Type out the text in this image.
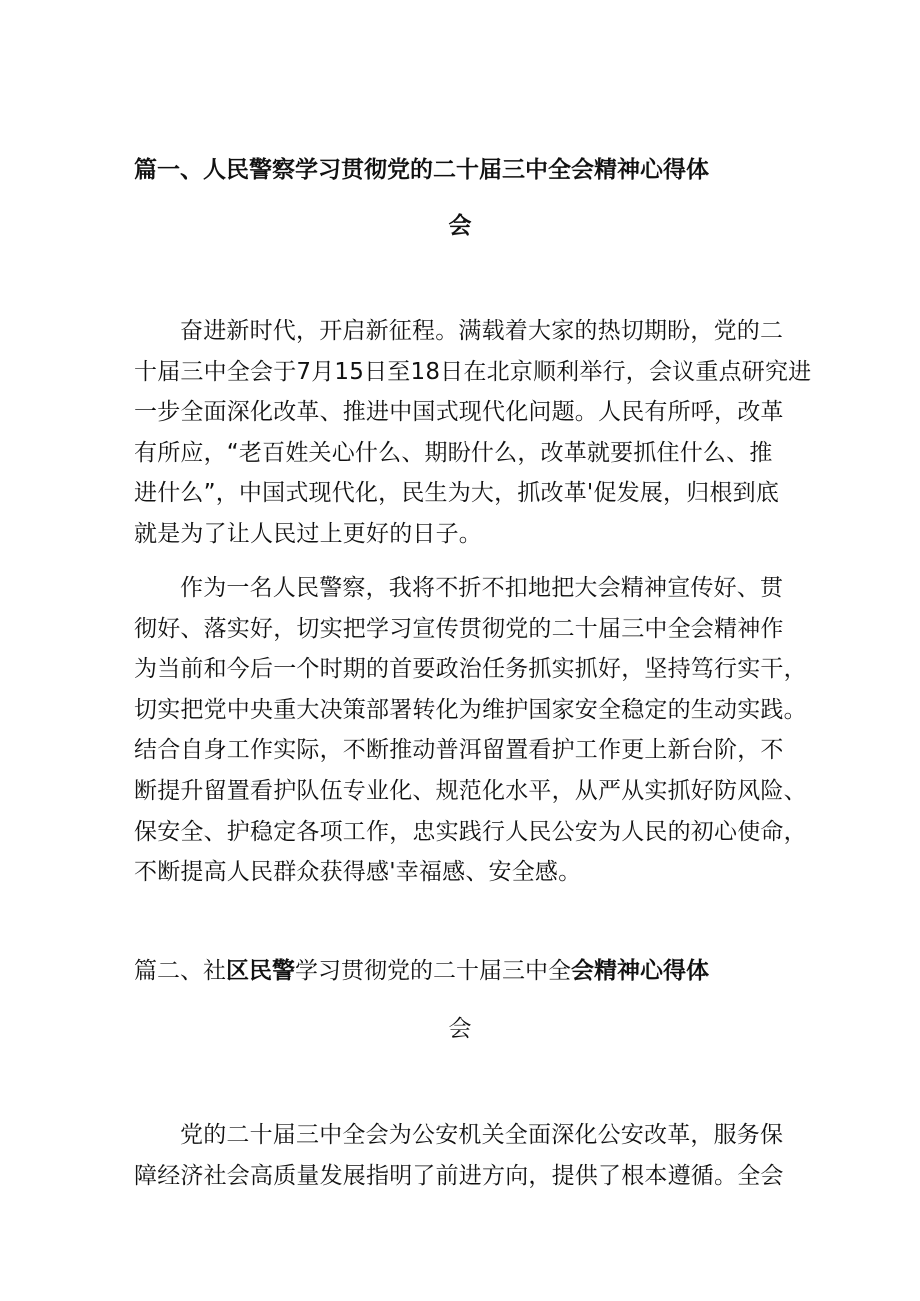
篇一、人民警察学习贯彻党的二十届三中全会精神心得体
会
奋进新时代，开启新征程。满载着大家的热切期盼，党的二
十届三中全会于7月15日至18日在北京顺利举行，会议重点研究进
一步全面深化改革、推进中国式现代化问题。人民有所呼，改革
有所应，“老百姓关心什么、期盼什么，改革就要抓住什么、推
进什么”，中国式现代化，民生为大，抓改革'促发展，归根到底
就是为了让人民过上更好的日子。
作为一名人民警察，我将不折不扣地把大会精神宣传好、贯
彻好、落实好，切实把学习宣传贯彻党的二十届三中全会精神作
为当前和今后一个时期的首要政治任务抓实抓好，坚持笃行实干，
切实把党中央重大决策部署转化为维护国家安全稳定的生动实践。
结合自身工作实际，不断推动普洱留置看护工作更上新台阶，不
断提升留置看护队伍专业化、规范化水平，从严从实抓好防风险、
保安全、护稳定各项工作，忠实践行人民公安为人民的初心使命，
不断提高人民群众获得感'幸福感、安全感。
篇二、社区民警学习贯彻党的二十届三中全会精神心得体
会
党的二十届三中全会为公安机关全面深化公安改革，服务保
障经济社会高质量发展指明了前进方向，提供了根本遵循。全会
